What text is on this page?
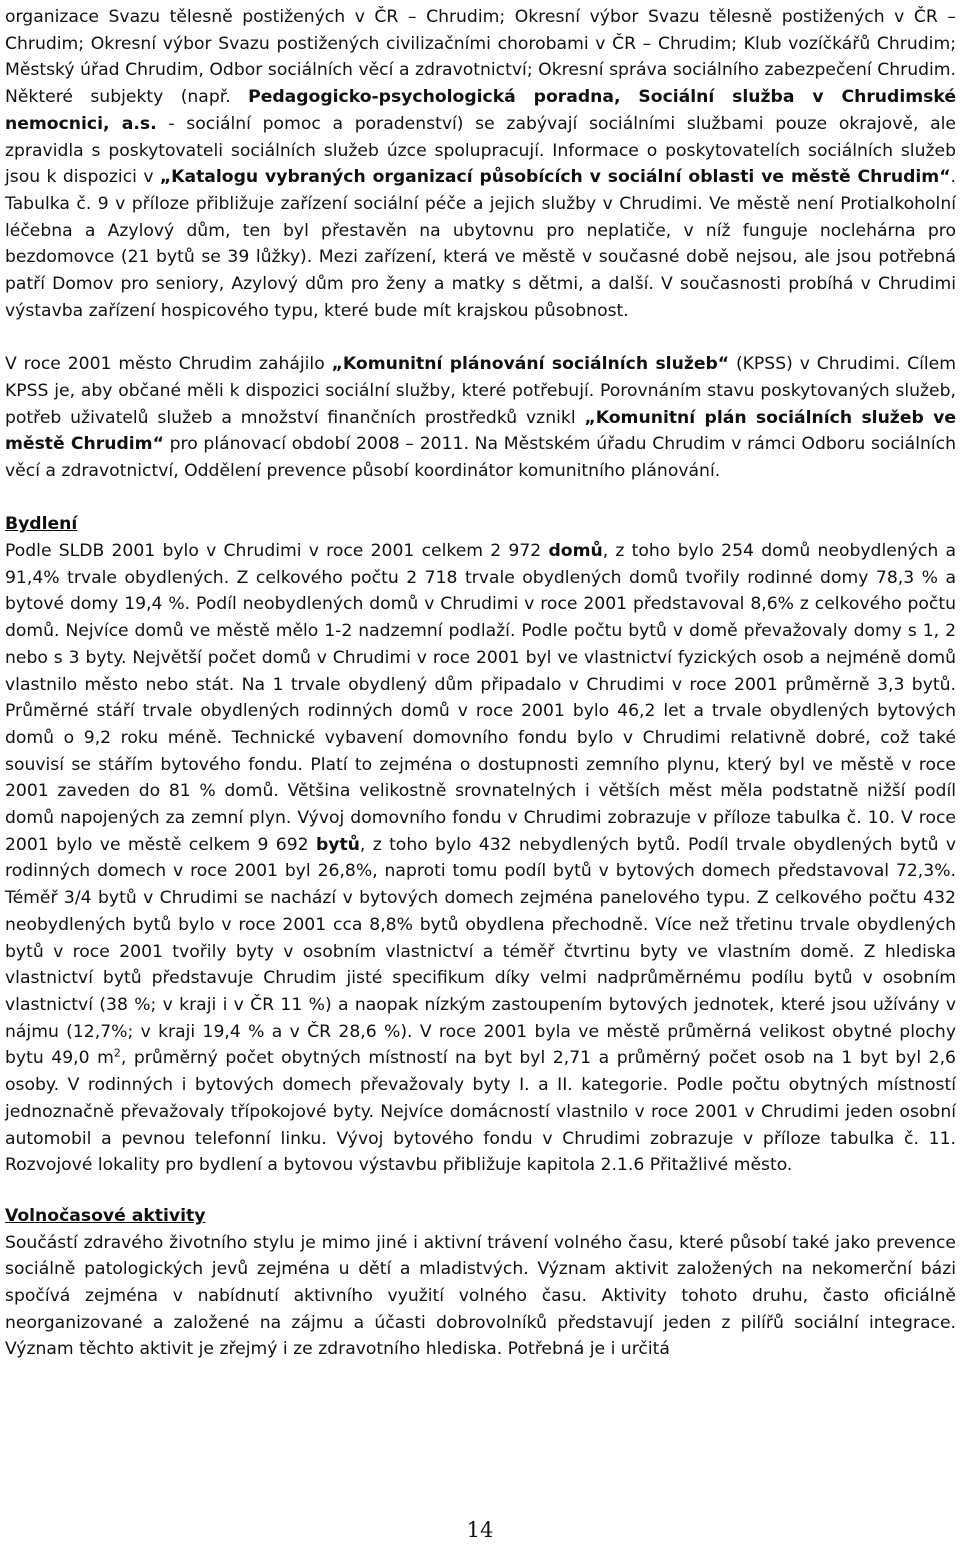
organizace Svazu tělesně postižených v ČR – Chrudim; Okresní výbor Svazu tělesně postižených v ČR – Chrudim; Okresní výbor Svazu postižených civilizačními chorobami v ČR – Chrudim; Klub vozíčkářů Chrudim; Městský úřad Chrudim, Odbor sociálních věcí a zdravotnictví; Okresní správa sociálního zabezpečení Chrudim. Některé subjekty (např. Pedagogicko-psychologická poradna, Sociální služba v Chrudimské nemocnici, a.s. - sociální pomoc a poradenství) se zabývají sociálními službami pouze okrajově, ale zpravidla s poskytovateli sociálních služeb úzce spolupracují. Informace o poskytovatelích sociálních služeb jsou k dispozici v „Katalogu vybraných organizací působících v sociální oblasti ve městě Chrudim“. Tabulka č. 9 v příloze přibližuje zařízení sociální péče a jejich služby v Chrudimi. Ve městě není Protialkoholní léčebna a Azylový dům, ten byl přestavěn na ubytovnu pro neplatiče, v níž funguje noclehárna pro bezdomovce (21 bytů se 39 lůžky). Mezi zařízení, která ve městě v současné době nejsou, ale jsou potřebná patří Domov pro seniory, Azylový dům pro ženy a matky s dětmi, a další. V současnosti probíhá v Chrudimi výstavba zařízení hospicového typu, které bude mít krajskou působnost.

V roce 2001 město Chrudim zahájilo „Komunitní plánování sociálních služeb“ (KPSS) v Chrudimi. Cílem KPSS je, aby občané měli k dispozici sociální služby, které potřebují. Porovnáním stavu poskytovaných služeb, potřeb uživatelů služeb a množství finančních prostředků vznikl „Komunitní plán sociálních služeb ve městě Chrudim“ pro plánovací období 2008 – 2011. Na Městském úřadu Chrudim v rámci Odboru sociálních věcí a zdravotnictví, Oddělení prevence působí koordinátor komunitního plánování.

Bydlení

Podle SLDB 2001 bylo v Chrudimi v roce 2001 celkem 2 972 domů, z toho bylo 254 domů neobydlených a 91,4% trvale obydlených. Z celkového počtu 2 718 trvale obydlených domů tvořily rodinné domy 78,3 % a bytové domy 19,4 %. Podíl neobydlených domů v Chrudimi v roce 2001 představoval 8,6% z celkového počtu domů. Nejvíce domů ve městě mělo 1-2 nadzemní podlaží. Podle počtu bytů v domě převažovaly domy s 1, 2 nebo s 3 byty. Největší počet domů v Chrudimi v roce 2001 byl ve vlastnictví fyzických osob a nejméně domů vlastnilo město nebo stát. Na 1 trvale obydlený dům připadalo v Chrudimi v roce 2001 průměrně 3,3 bytů. Průměrné stáří trvale obydlených rodinných domů v roce 2001 bylo 46,2 let a trvale obydlených bytových domů o 9,2 roku méně. Technické vybavení domovního fondu bylo v Chrudimi relativně dobré, což také souvisí se stářím bytového fondu. Platí to zejména o dostupnosti zemního plynu, který byl ve městě v roce 2001 zaveden do 81 % domů. Většina velikostně srovnatelných i větších měst měla podstatně nižší podíl domů napojených za zemní plyn. Vývoj domovního fondu v Chrudimi zobrazuje v příloze tabulka č. 10. V roce 2001 bylo ve městě celkem 9 692 bytů, z toho bylo 432 nebydlených bytů. Podíl trvale obydlených bytů v rodinných domech v roce 2001 byl 26,8%, naproti tomu podíl bytů v bytových domech představoval 72,3%. Téměř 3/4 bytů v Chrudimi se nachází v bytových domech zejména panelového typu. Z celkového počtu 432 neobydlených bytů bylo v roce 2001 cca 8,8% bytů obydlena přechodně. Více než třetinu trvale obydlených bytů v roce 2001 tvořily byty v osobním vlastnictví a téměř čtvrtinu byty ve vlastním domě. Z hlediska vlastnictví bytů představuje Chrudim jisté specifikum díky velmi nadprůměrnému podílu bytů v osobním vlastnictví (38 %; v kraji i v ČR 11 %) a naopak nízkým zastoupením bytových jednotek, které jsou užívány v nájmu (12,7%; v kraji 19,4 % a v ČR 28,6 %). V roce 2001 byla ve městě průměrná velikost obytné plochy bytu 49,0 $m^2$, průměrný počet obytných místností na byt byl 2,71 a průměrný počet osob na 1 byt byl 2,6 osoby. V rodinných i bytových domech převažovaly byty I. a II. kategorie. Podle počtu obytných místností jednoznačně převažovaly třípokojové byty. Nejvíce domácností vlastnilo v roce 2001 v Chrudimi jeden osobní automobil a pevnou telefonní linku. Vývoj bytového fondu v Chrudimi zobrazuje v příloze tabulka č. 11. Rozvojové lokality pro bydlení a bytovou výstavbu přibližuje kapitola 2.1.6 Přitažlivé město.

Volnočasové aktivity

Součástí zdravého životního stylu je mimo jiné i aktivní trávení volného času, které působí také jako prevence sociálně patologických jevů zejména u dětí a mladistvých. Význam aktivit založených na nekomerční bázi spočívá zejména v nabídnutí aktivního využití volného času. Aktivity tohoto druhu, často oficiálně neorganizované a založené na zájmu a účasti dobrovolníků představují jeden z pilířů sociální integrace. Význam těchto aktivit je zřejmý i ze zdravotního hlediska. Potřebná je i určitá

14
